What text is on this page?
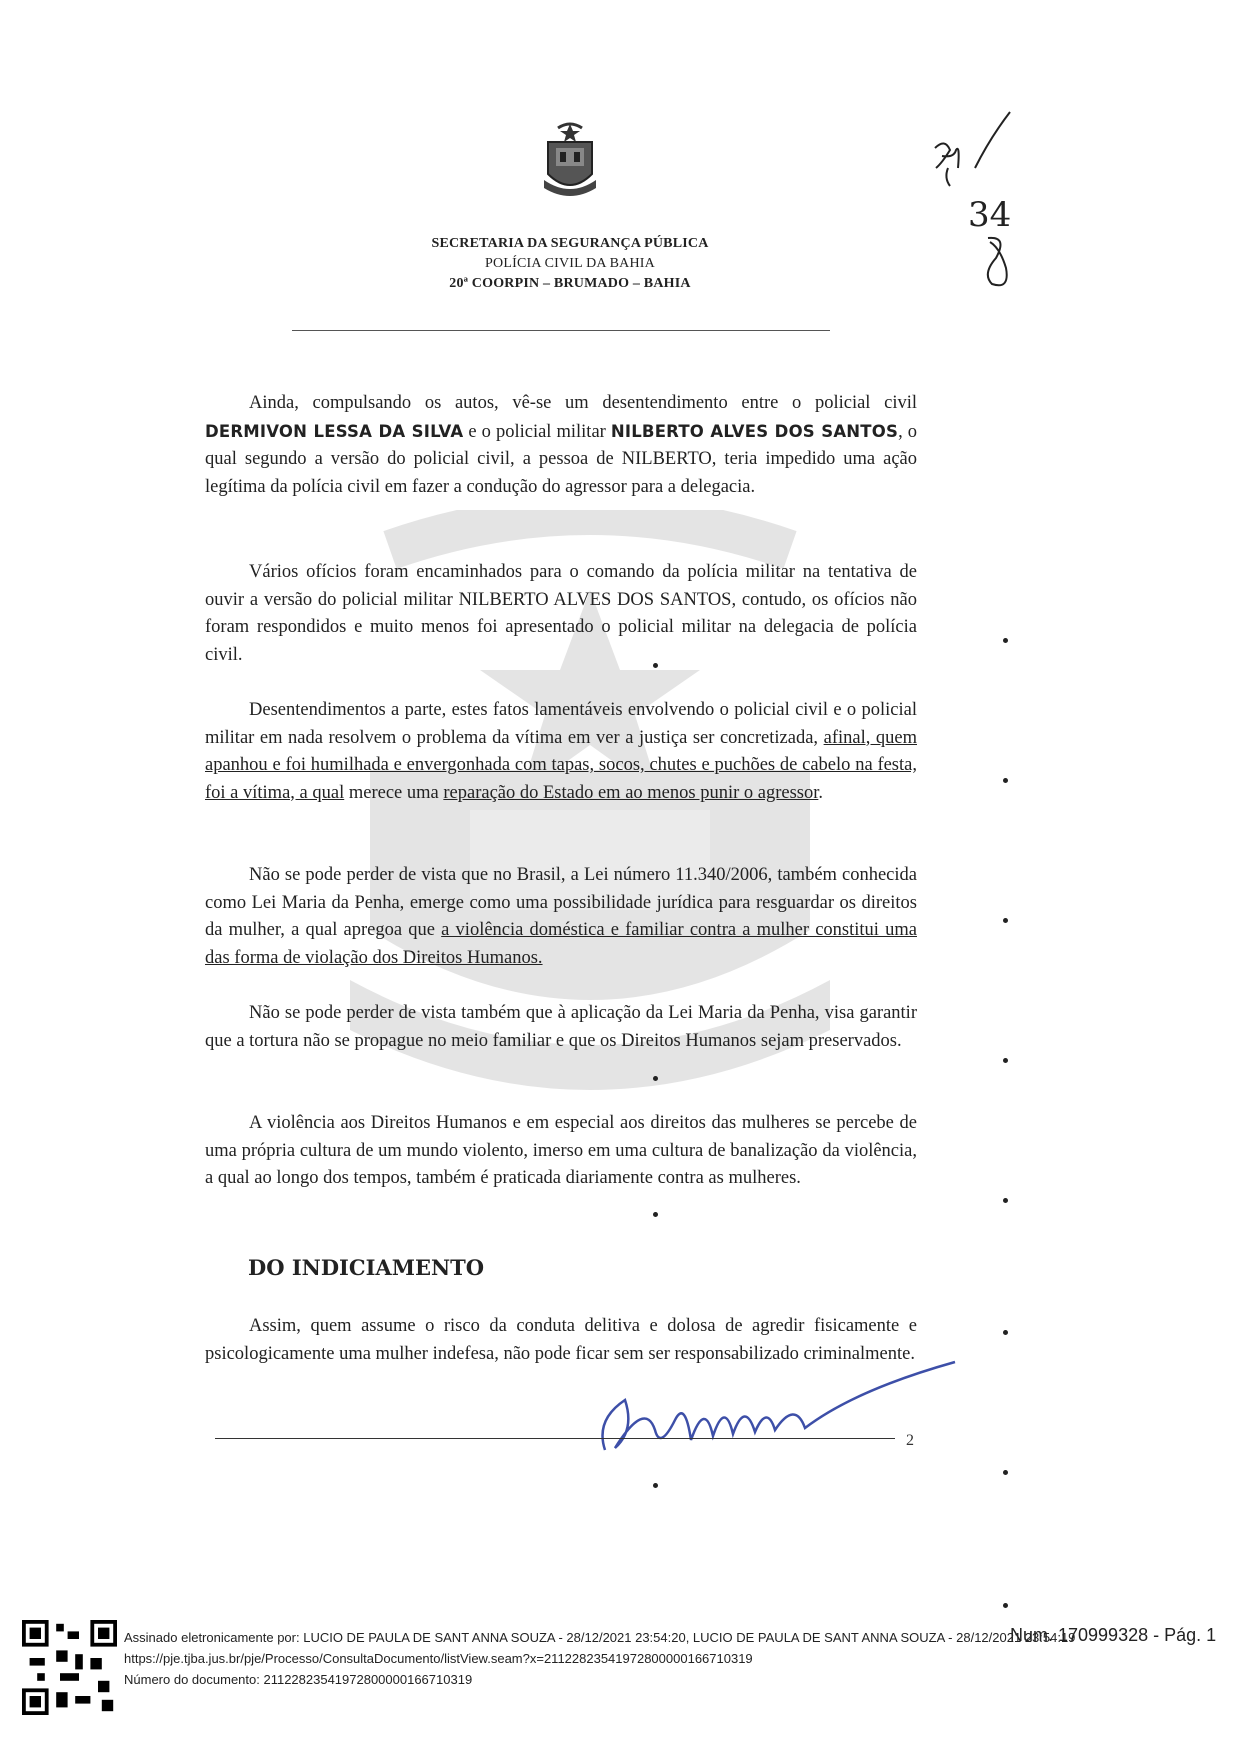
SECRETARIA DA SEGURANÇA PÚBLICA
POLÍCIA CIVIL DA BAHIA
20ª COORPIN – BRUMADO – BAHIA
34
Ainda, compulsando os autos, vê-se um desentendimento entre o policial civil DERMIVON LESSA DA SILVA e o policial militar NILBERTO ALVES DOS SANTOS, o qual segundo a versão do policial civil, a pessoa de NILBERTO, teria impedido uma ação legítima da polícia civil em fazer a condução do agressor para a delegacia.
Vários ofícios foram encaminhados para o comando da polícia militar na tentativa de ouvir a versão do policial militar NILBERTO ALVES DOS SANTOS, contudo, os ofícios não foram respondidos e muito menos foi apresentado o policial militar na delegacia de polícia civil.
Desentendimentos a parte, estes fatos lamentáveis envolvendo o policial civil e o policial militar em nada resolvem o problema da vítima em ver a justiça ser concretizada, afinal, quem apanhou e foi humilhada e envergonhada com tapas, socos, chutes e puchões de cabelo na festa, foi a vítima, a qual merece uma reparação do Estado em ao menos punir o agressor.
Não se pode perder de vista que no Brasil, a Lei número 11.340/2006, também conhecida como Lei Maria da Penha, emerge como uma possibilidade jurídica para resguardar os direitos da mulher, a qual apregoa que a violência doméstica e familiar contra a mulher constitui uma das forma de violação dos Direitos Humanos.
Não se pode perder de vista também que à aplicação da Lei Maria da Penha, visa garantir que a tortura não se propague no meio familiar e que os Direitos Humanos sejam preservados.
A violência aos Direitos Humanos e em especial aos direitos das mulheres se percebe de uma própria cultura de um mundo violento, imerso em uma cultura de banalização da violência, a qual ao longo dos tempos, também é praticada diariamente contra as mulheres.
DO INDICIAMENTO
Assim, quem assume o risco da conduta delitiva e dolosa de agredir fisicamente e psicologicamente uma mulher indefesa, não pode ficar sem ser responsabilizado criminalmente.
2
Assinado eletronicamente por: LUCIO DE PAULA DE SANT ANNA SOUZA - 28/12/2021 23:54:20, LUCIO DE PAULA DE SANT ANNA SOUZA - 28/12/2021 23:54:19
https://pje.tjba.jus.br/pje/Processo/ConsultaDocumento/listView.seam?x=21122823541972800000166710319
Número do documento: 21122823541972800000166710319
Num. 170999328 - Pág. 1
